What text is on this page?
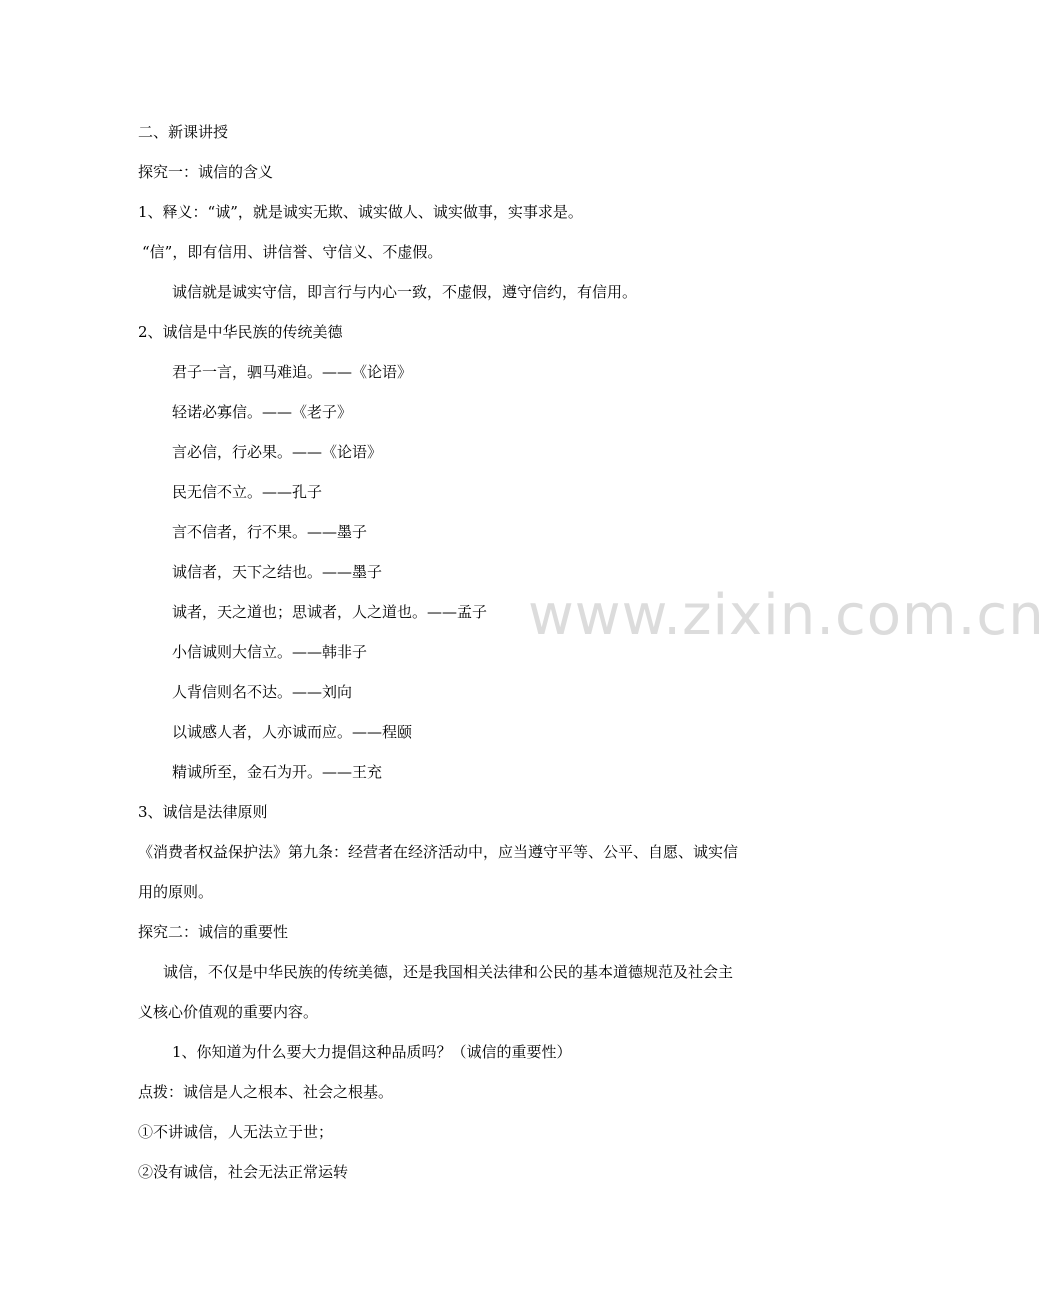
二、新课讲授
探究一：诚信的含义
1、释义：“诚”，就是诚实无欺、诚实做人、诚实做事，实事求是。
“信”，即有信用、讲信誉、守信义、不虚假。
诚信就是诚实守信，即言行与内心一致，不虚假，遵守信约，有信用。
2、诚信是中华民族的传统美德
君子一言，驷马难追。——《论语》
轻诺必寡信。——《老子》
言必信，行必果。——《论语》
民无信不立。——孔子
言不信者，行不果。——墨子
诚信者，天下之结也。——墨子
诚者，天之道也；思诚者，人之道也。——孟子
小信诚则大信立。——韩非子
人背信则名不达。——刘向
以诚感人者，人亦诚而应。——程颐
精诚所至，金石为开。——王充
3、诚信是法律原则
《消费者权益保护法》第九条：经营者在经济活动中，应当遵守平等、公平、自愿、诚实信
用的原则。
探究二：诚信的重要性
诚信，不仅是中华民族的传统美德，还是我国相关法律和公民的基本道德规范及社会主
义核心价值观的重要内容。
1、你知道为什么要大力提倡这种品质吗？（诚信的重要性）
点拨：诚信是人之根本、社会之根基。
①不讲诚信，人无法立于世；
②没有诚信，社会无法正常运转
www.zixin.com.cn
